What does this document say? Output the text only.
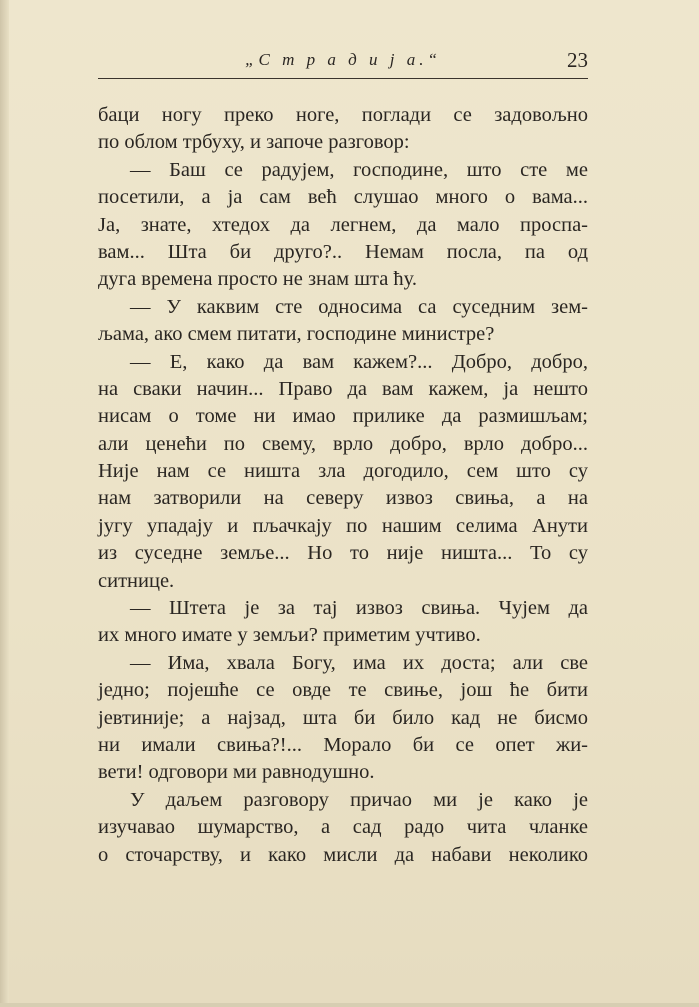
„С т р а д и ј а.“	23
баци ногу преко ноге, поглади се задовољно
по облом трбуху, и започе разговор:
— Баш се радујем, господине, што сте ме
посетили, а ја сам већ слушао много о вама...
Ја, знате, хтедох да легнем, да мало проспа-
вам... Шта би друго?.. Немам посла, па од
дуга времена просто не знам шта ћу.
— У каквим сте односима са суседним зем-
љама, ако смем питати, господине министре?
— Е, како да вам кажем?... Добро, добро,
на сваки начин... Право да вам кажем, ја нешто
нисам о томе ни имао прилике да размишљам;
али ценећи по свему, врло добро, врло добро...
Није нам се ништа зла догодило, сем што су
нам затворили на северу извоз свиња, а на
југу упадају и пљачкају по нашим селима Анути
из суседне земље... Но то није ништа... То су
ситнице.
— Штета је за тај извоз свиња. Чујем да
их много имате у земљи? приметим учтиво.
— Има, хвала Богу, има их доста; али све
једно; појешће се овде те свиње, још ће бити
јевтиније; а најзад, шта би било кад не бисмо
ни имали свиња?!... Морало би се опет жи-
вети! одговори ми равнодушно.
У даљем разговору причао ми је како је
изучавао шумарство, а сад радо чита чланке
о сточарству, и како мисли да набави неколико
